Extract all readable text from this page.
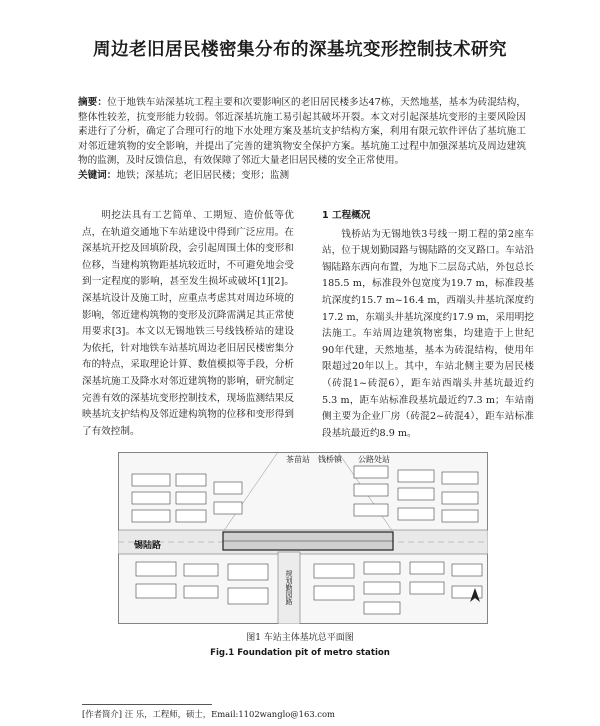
周边老旧居民楼密集分布的深基坑变形控制技术研究
摘要：位于地铁车站深基坑工程主要和次要影响区的老旧居民楼多达47栋，天然地基，基本为砖混结构，整体性较差，抗变形能力较弱。邻近深基坑施工易引起其破坏开裂。本文对引起深基坑变形的主要风险因素进行了分析，确定了合理可行的地下水处理方案及基坑支护结构方案，利用有限元软件评估了基坑施工对邻近建筑物的安全影响，并提出了完善的建筑物安全保护方案。基坑施工过程中加强深基坑及周边建筑物的监测，及时反馈信息，有效保障了邻近大量老旧居民楼的安全正常使用。
关键词：地铁；深基坑；老旧居民楼；变形；监测

明挖法具有工艺简单、工期短、造价低等优点，在轨道交通地下车站建设中得到广泛应用。在深基坑开挖及回填阶段，会引起周围土体的变形和位移，当建构筑物距基坑较近时，不可避免地会受到一定程度的影响，甚至发生损坏或破坏[1][2]。深基坑设计及施工时，应重点考虑其对周边环境的影响，邻近建构筑物的变形及沉降需满足其正常使用要求[3]。本文以无锡地铁三号线钱桥站的建设为依托，针对地铁车站基坑周边老旧居民楼密集分布的特点，采取理论计算、数值模拟等手段，分析深基坑施工及降水对邻近建筑物的影响，研究制定完善有效的深基坑变形控制技术，现场监测结果反映基坑支护结构及邻近建构筑物的位移和变形得到了有效控制。

1 工程概况

钱桥站为无锡地铁3号线一期工程的第2座车站，位于规划勤园路与锡陆路的交叉路口。车站沿锡陆路东西向布置，为地下二层岛式站，外包总长185.5 m，标准段外包宽度为19.7 m，标准段基坑深度约15.7 m~16.4 m，西端头井基坑深度约17.2 m，东端头井基坑深度约17.9 m，采用明挖法施工。车站周边建筑物密集，均建造于上世纪90年代建，天然地基，基本为砖混结构，使用年限超过20年以上。其中，车站北侧主要为居民楼（砖混1~砖混6），距车站西端头井基坑最近约5.3 m，距车站标准段基坑最近约7.3 m；车站南侧主要为企业厂房（砖混2~砖混4），距车站标准段基坑最近约8.9 m。

茶苗站 钱桥镇 公路处站
锡陆路
规划勤园路
图1 车站主体基坑总平面图
Fig.1 Foundation pit of metro station
[作者简介] 汪 乐，工程师，硕士，Email:1102wanglo@163.com
